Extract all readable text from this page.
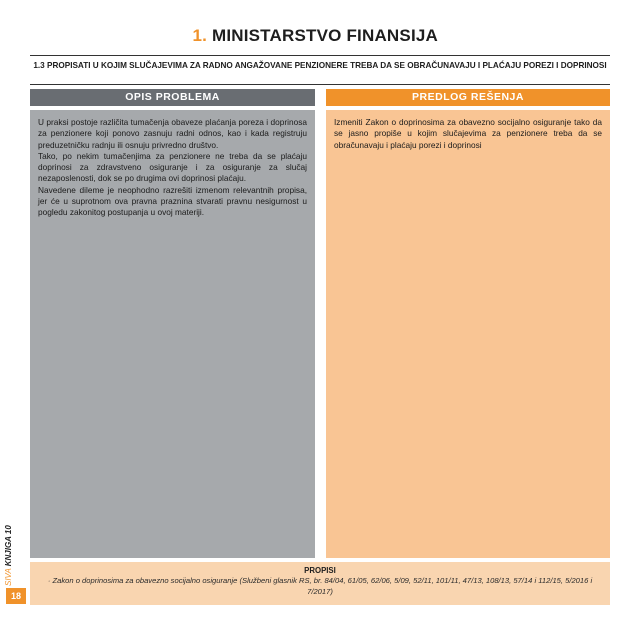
1. MINISTARSTVO FINANSIJA
1.3 PROPISATI U KOJIM SLUČAJEVIMA ZA RADNO ANGAŽOVANE PENZIONERE TREBA DA SE OBRAČUNAVAJU I PLAĆAJU POREZI I DOPRINOSI
OPIS PROBLEMA	PREDLOG REŠENJA

U praksi postoje različita tumačenja obaveze plaćanja poreza i doprinosa za penzionere koji ponovo zasnuju radni odnos, kao i kada registruju preduzetničku radnju ili osnuju privredno društvo.

Tako, po nekim tumačenjima za penzionere ne treba da se plaćaju doprinosi za zdravstveno osiguranje i za osiguranje za slučaj nezaposlenosti, dok se po drugima ovi doprinosi plaćaju.

Navedene dileme je neophodno razrešiti izmenom relevantnih propisa, jer će u suprotnom ova pravna praznina stvarati pravnu nesigurnost u pogledu zakonitog postupanja u ovoj materiji.

Izmeniti Zakon o doprinosima za obavezno socijalno osiguranje tako da se jasno propiše u kojim slučajevima za penzionere treba da se obračunavaju i plaćaju porezi i doprinosi

SIVA KNJIGA 10
18
PROPISI
· Zakon o doprinosima za obavezno socijalno osiguranje (Službeni glasnik RS, br. 84/04, 61/05, 62/06, 5/09, 52/11, 101/11, 47/13, 108/13, 57/14 i 112/15, 5/2016 i 7/2017)
